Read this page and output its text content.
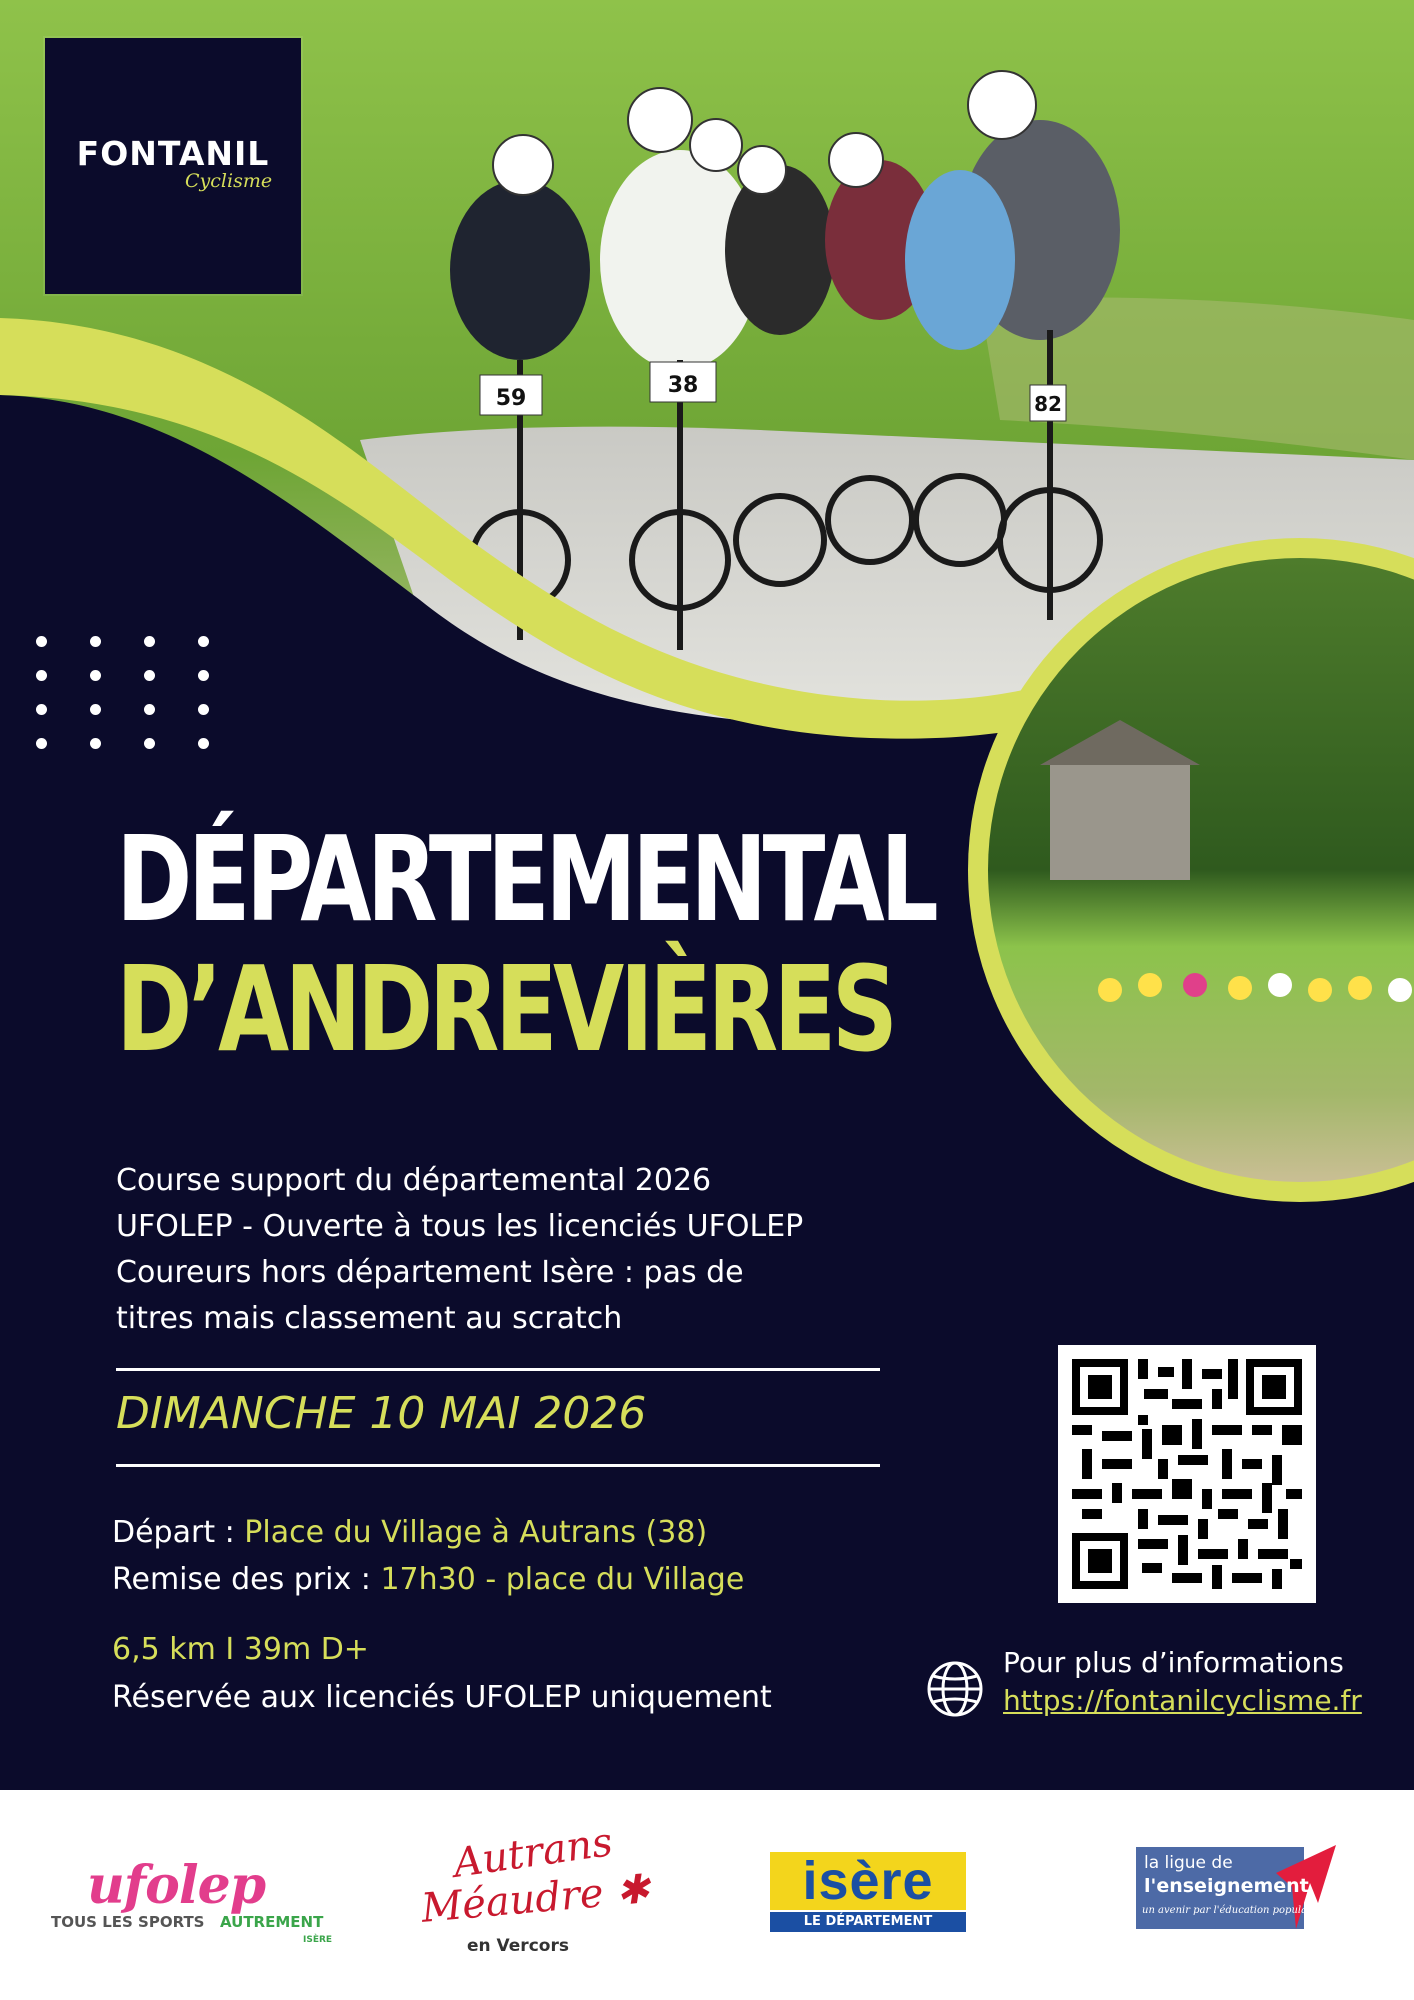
59
38
82
FONTANIL
Cyclisme
DÉPARTEMENTAL
D’ANDREVIÈRES
Course support du départemental 2026
UFOLEP - Ouverte à tous les licenciés UFOLEP
Coureurs hors département Isère : pas de
titres mais classement au scratch
DIMANCHE 10 MAI 2026
Départ : Place du Village à Autrans (38)
Remise des prix : 17h30 - place du Village
6,5 km I 39m D+
Réservée aux licenciés UFOLEP uniquement
Pour plus d’informations
https://fontanilcyclisme.fr
ufolep
TOUS LES SPORTS AUTREMENT
ISÈRE
Autrans
Méaudre ✱
en Vercors
isère
LE DÉPARTEMENT
la ligue de
l'enseignement
un avenir par l'éducation populaire
